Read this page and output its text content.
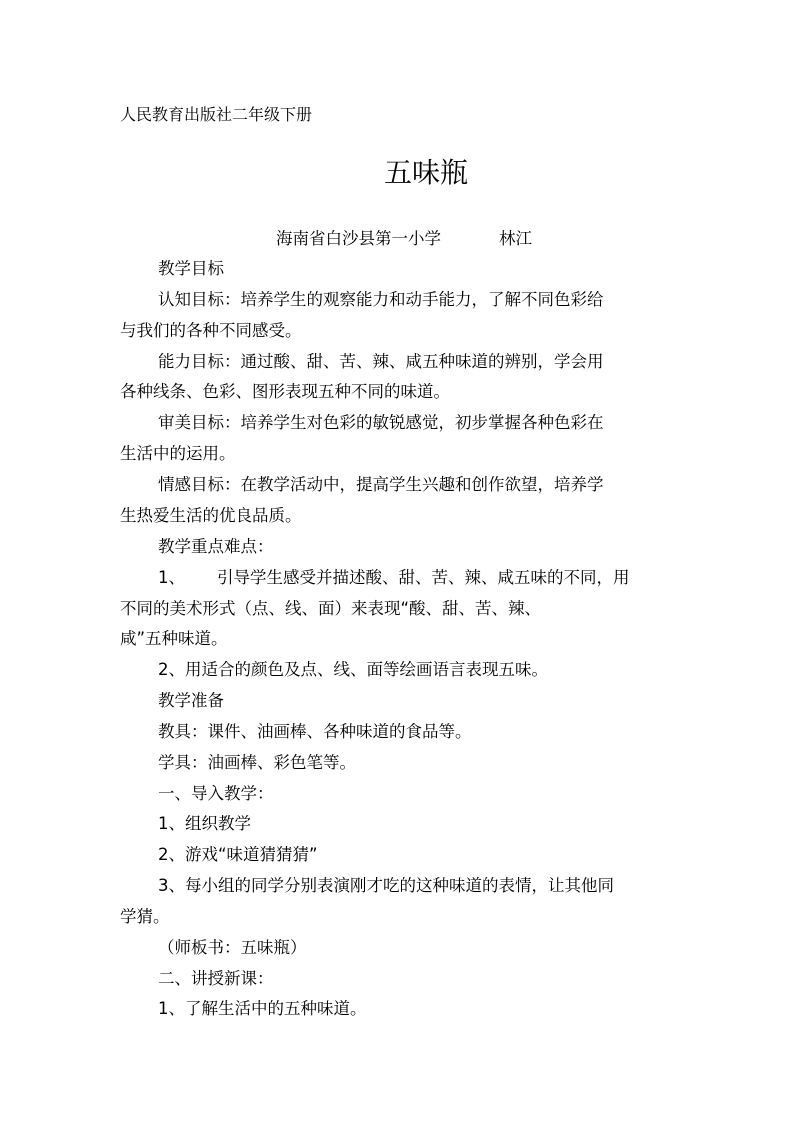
人民教育出版社二年级下册
五味瓶
海南省白沙县第一小学	林江
教学目标
认知目标：培养学生的观察能力和动手能力，了解不同色彩给
与我们的各种不同感受。
能力目标：通过酸、甜、苦、辣、咸五种味道的辨别，学会用
各种线条、色彩、图形表现五种不同的味道。
审美目标：培养学生对色彩的敏锐感觉，初步掌握各种色彩在
生活中的运用。
情感目标：在教学活动中，提高学生兴趣和创作欲望，培养学
生热爱生活的优良品质。
教学重点难点：
1、 引导学生感受并描述酸、甜、苦、辣、咸五味的不同，用
不同的美术形式（点、线、面）来表现“酸、甜、苦、辣、
咸”五种味道。
2、用适合的颜色及点、线、面等绘画语言表现五味。
教学准备
教具：课件、油画棒、各种味道的食品等。
学具：油画棒、彩色笔等。
一、导入教学：
1、组织教学
2、游戏“味道猜猜猜”
3、每小组的同学分别表演刚才吃的这种味道的表情，让其他同
学猜。
（师板书：五味瓶）
二、讲授新课：
1、了解生活中的五种味道。
